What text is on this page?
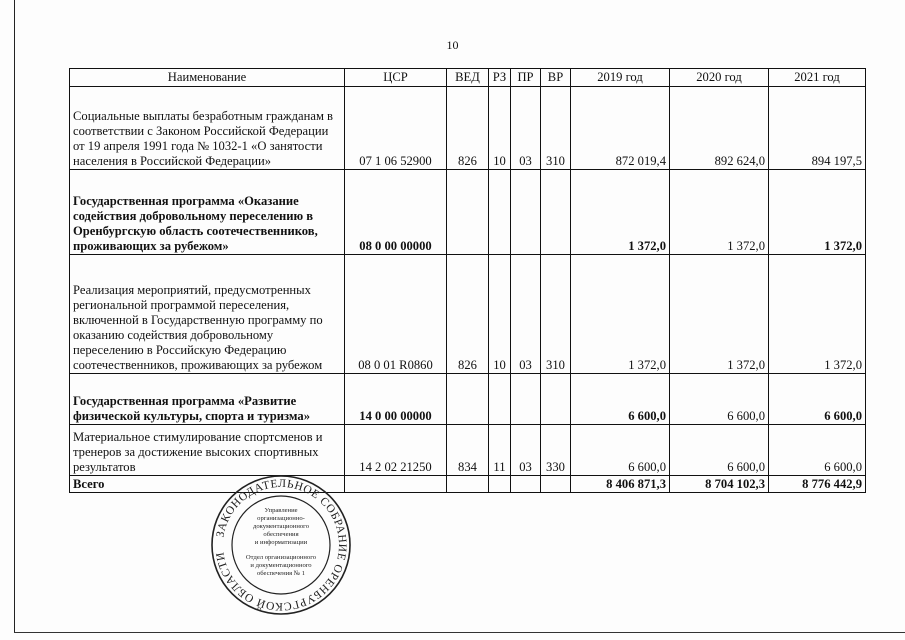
10
Наименование	ЦСР	ВЕД	РЗ	ПР	ВР	2019 год	2020 год	2021 год
Социальные выплаты безработным гражданам в соответствии с Законом Российской Федерации от 19 апреля 1991 года № 1032-1 «О занятости населения в Российской Федерации»	07 1 06 52900	826	10	03	310	872 019,4	892 624,0	894 197,5
Государственная программа «Оказание содействия добровольному переселению в Оренбургскую область соотечественников, проживающих за рубежом»	08 0 00 00000					1 372,0	1 372,0	1 372,0
Реализация мероприятий, предусмотренных региональной программой переселения, включенной в Государственную программу по оказанию содействия добровольному переселению в Российскую Федерацию соотечественников, проживающих за рубежом	08 0 01 R0860	826	10	03	310	1 372,0	1 372,0	1 372,0
Государственная программа «Развитие физической культуры, спорта и туризма»	14 0 00 00000					6 600,0	6 600,0	6 600,0
Материальное стимулирование спортсменов и тренеров за достижение высоких спортивных результатов	14 2 02 21250	834	11	03	330	6 600,0	6 600,0	6 600,0
Всего						8 406 871,3	8 704 102,3	8 776 442,9
ЗАКОНОДАТЕЛЬНОЕ СОБРАНИЕ ОРЕНБУРГСКОЙ ОБЛАСТИ
Управление
организационно-
документационного
обеспечения
и информатизации
Отдел организационного
и документационного
обеспечения № 1
